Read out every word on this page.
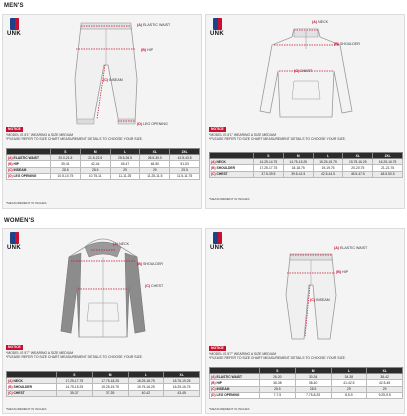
MEN'S
WOMEN'S
UNK
(A) ELASTIC WAIST
(B) HIP
(C) INSEAM
(D) LEG OPENING
NOTICE
*MODEL IS 6'1" WEARING A SIZE MEDIUM
*PLEASE REFER TO SIZE CHART MEASUREMENT DETAILS TO CHOOSE YOUR SIZE.
	S	M	L	XL	2XL
(A) ELASTIC WAIST	20.0-21.5	21.5-22.5	25.5-26.5	28.5-30.0	42.5-43.5
(B) HIP	39-41	42-44	45-47	48-50	51-53
(C) INSEAM	28.5	28.5	29	29	29.5
(D) LEG OPENING	10.5-10.75	10.75-11	11-11.25	11.25-11.5	11.5-11.75
*MEASUREMENT IN INCHES
UNK
(A) NECK
(B) SHOULDER
(C) CHEST
NOTICE
*MODEL IS 6'1" WEARING A SIZE MEDIUM
*PLEASE REFER TO SIZE CHART MEASUREMENT DETAILS TO CHOOSE YOUR SIZE.
	S	M	L	XL	2XL
(A) NECK	14.25-14.75	14.75-15.25	15.25-15.75	15.75-16.25	16.25-16.75
(B) SHOULDER	17.25-17.75	18-18.75	19-19.75	20-20.75	21-21.75
(C) CHEST	37.5-39.5	39.5-41.5	42.5-44.5	45.5-47.5	48.5-50.5
*MEASUREMENT IN INCHES
UNK
(A) NECK
(B) SHOULDER
(C) CHEST
NOTICE
*MODEL IS 5'7" WEARING A SIZE MEDIUM
*PLEASE REFER TO SIZE CHART MEASUREMENT DETAILS TO CHOOSE YOUR SIZE.
	S	M	L	XL
(A) NECK	17.25-17.75	17.75-18.25	18.25-18.75	18.75-19.25
(B) SHOULDER	14.75-15.25	15.25-15.75	15.75-16.25	16.25-16.75
(C) CHEST	35-37	37-39	40-42	43-45
*MEASUREMENT IN INCHES
UNK	(A) ELASTIC WAIST
(B) HIP
(C) INSEAM
NOTICE
*MODEL IS 5'7" WEARING A SIZE MEDIUM
*PLEASE REFER TO SIZE CHART MEASUREMENT DETAILS TO CHOOSE YOUR SIZE.
	S	M	L	XL
(A) ELASTIC WAIST	26-30	30-34	34-38	38-42
(B) HIP	36-38	38-40	41-42.5	42.5-45
(C) INSEAM	28.5	28.5	29	29
(D) LEG OPENING	7-7.5	7.75-8.25	8.5-9	9.25-9.5
*MEASUREMENT IN INCHES
